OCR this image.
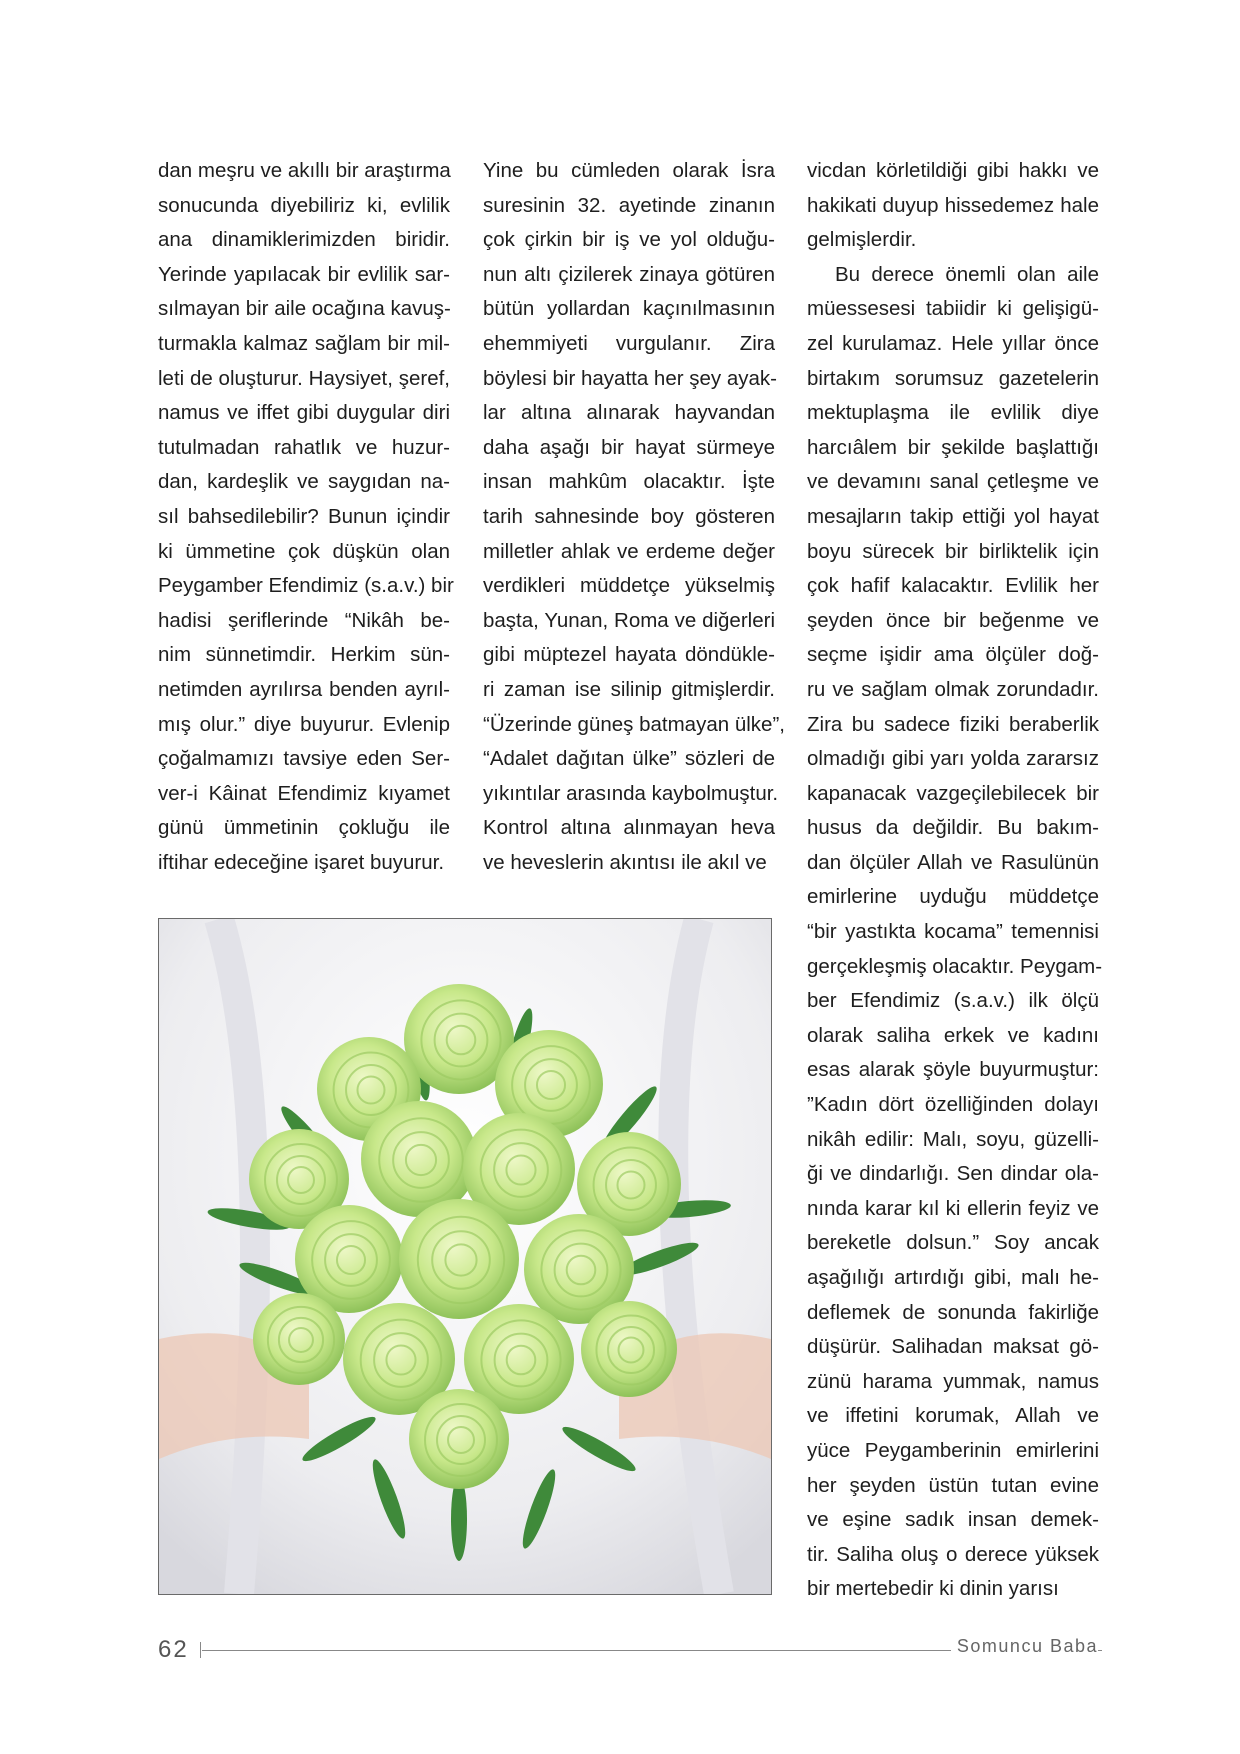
dan meşru ve akıllı bir araştırma

sonucunda diyebiliriz ki, evlilik

ana dinamiklerimizden biridir.

Yerinde yapılacak bir evlilik sar-

sılmayan bir aile ocağına kavuş-

turmakla kalmaz sağlam bir mil-

leti de oluşturur. Haysiyet, şeref,

namus ve iffet gibi duygular diri

tutulmadan rahatlık ve huzur-

dan, kardeşlik ve saygıdan na-

sıl bahsedilebilir? Bunun içindir

ki ümmetine çok düşkün olan

Peygamber Efendimiz (s.a.v.) bir

hadisi şeriflerinde “Nikâh be-

nim sünnetimdir. Herkim sün-

netimden ayrılırsa benden ayrıl-

mış olur.” diye buyurur. Evlenip

çoğalmamızı tavsiye eden Ser-

ver-i Kâinat Efendimiz kıyamet

günü ümmetinin çokluğu ile

iftihar edeceğine işaret buyurur.

Yine bu cümleden olarak İsra

suresinin 32. ayetinde zinanın

çok çirkin bir iş ve yol olduğu-

nun altı çizilerek zinaya götüren

bütün yollardan kaçınılmasının

ehemmiyeti vurgulanır. Zira

böylesi bir hayatta her şey ayak-

lar altına alınarak hayvandan

daha aşağı bir hayat sürmeye

insan mahkûm olacaktır. İşte

tarih sahnesinde boy gösteren

milletler ahlak ve erdeme değer

verdikleri müddetçe yükselmiş

başta, Yunan, Roma ve diğerleri

gibi müptezel hayata döndükle-

ri zaman ise silinip gitmişlerdir.

“Üzerinde güneş batmayan ülke”,

“Adalet dağıtan ülke” sözleri de

yıkıntılar arasında kaybolmuştur.

Kontrol altına alınmayan heva

ve heveslerin akıntısı ile akıl ve

vicdan körletildiği gibi hakkı ve

hakikati duyup hissedemez hale

gelmişlerdir.

Bu derece önemli olan aile

müessesesi tabiidir ki gelişigü-

zel kurulamaz. Hele yıllar önce

birtakım sorumsuz gazetelerin

mektuplaşma ile evlilik diye

harcıâlem bir şekilde başlattığı

ve devamını sanal çetleşme ve

mesajların takip ettiği yol hayat

boyu sürecek bir birliktelik için

çok hafif kalacaktır. Evlilik her

şeyden önce bir beğenme ve

seçme işidir ama ölçüler doğ-

ru ve sağlam olmak zorundadır.

Zira bu sadece fiziki beraberlik

olmadığı gibi yarı yolda zararsız

kapanacak vazgeçilebilecek bir

husus da değildir. Bu bakım-

dan ölçüler Allah ve Rasulünün

emirlerine uyduğu müddetçe

“bir yastıkta kocama” temennisi

gerçekleşmiş olacaktır. Peygam-

ber Efendimiz (s.a.v.) ilk ölçü

olarak saliha erkek ve kadını

esas alarak şöyle buyurmuştur:

”Kadın dört özelliğinden dolayı

nikâh edilir: Malı, soyu, güzelli-

ği ve dindarlığı. Sen dindar ola-

nında karar kıl ki ellerin feyiz ve

bereketle dolsun.” Soy ancak

aşağılığı artırdığı gibi, malı he-

deflemek de sonunda fakirliğe

düşürür. Salihadan maksat gö-

zünü harama yummak, namus

ve iffetini korumak, Allah ve

yüce Peygamberinin emirlerini

her şeyden üstün tutan evine

ve eşine sadık insan demek-

tir. Saliha oluş o derece yüksek

bir mertebedir ki dinin yarısı

62	Somuncu Baba
